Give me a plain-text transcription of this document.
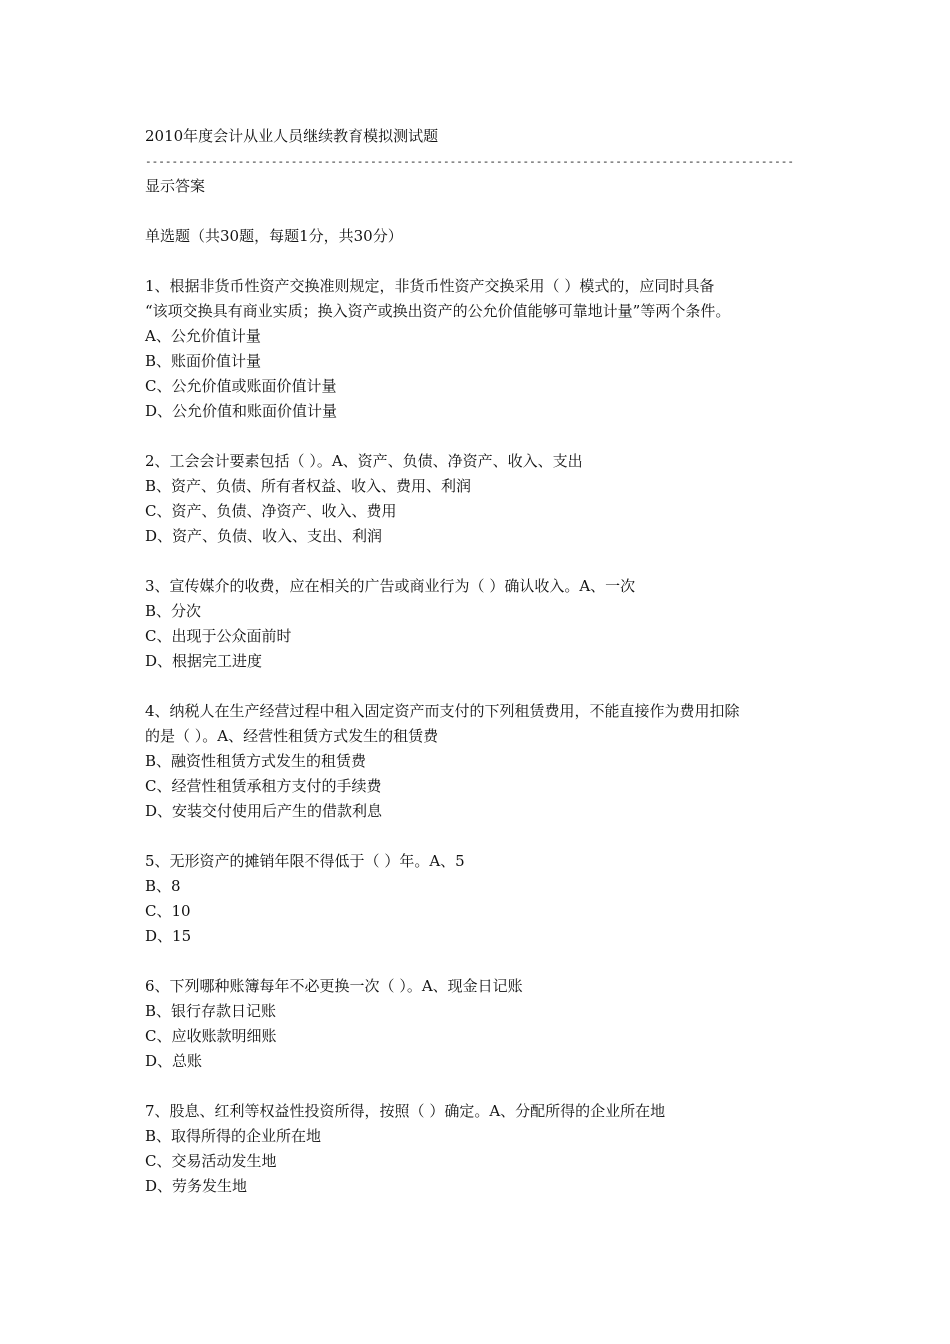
2010年度会计从业人员继续教育模拟测试题
--------------------------------------------------------------------------------------------------
显示答案
单选题（共30题，每题1分，共30分）
1、根据非货币性资产交换准则规定，非货币性资产交换采用（ ）模式的，应同时具备
“该项交换具有商业实质；换入资产或换出资产的公允价值能够可靠地计量”等两个条件。
A、公允价值计量
B、账面价值计量
C、公允价值或账面价值计量
D、公允价值和账面价值计量
2、工会会计要素包括（ ）。A、资产、负债、净资产、收入、支出
B、资产、负债、所有者权益、收入、费用、利润
C、资产、负债、净资产、收入、费用
D、资产、负债、收入、支出、利润
3、宣传媒介的收费，应在相关的广告或商业行为（ ）确认收入。A、一次
B、分次
C、出现于公众面前时
D、根据完工进度
4、纳税人在生产经营过程中租入固定资产而支付的下列租赁费用，不能直接作为费用扣除
的是（ ）。A、经营性租赁方式发生的租赁费
B、融资性租赁方式发生的租赁费
C、经营性租赁承租方支付的手续费
D、安装交付使用后产生的借款利息
5、无形资产的摊销年限不得低于（ ）年。A、5
B、8
C、10
D、15
6、下列哪种账簿每年不必更换一次（ ）。A、现金日记账
B、银行存款日记账
C、应收账款明细账
D、总账
7、股息、红利等权益性投资所得，按照（ ）确定。A、分配所得的企业所在地
B、取得所得的企业所在地
C、交易活动发生地
D、劳务发生地
